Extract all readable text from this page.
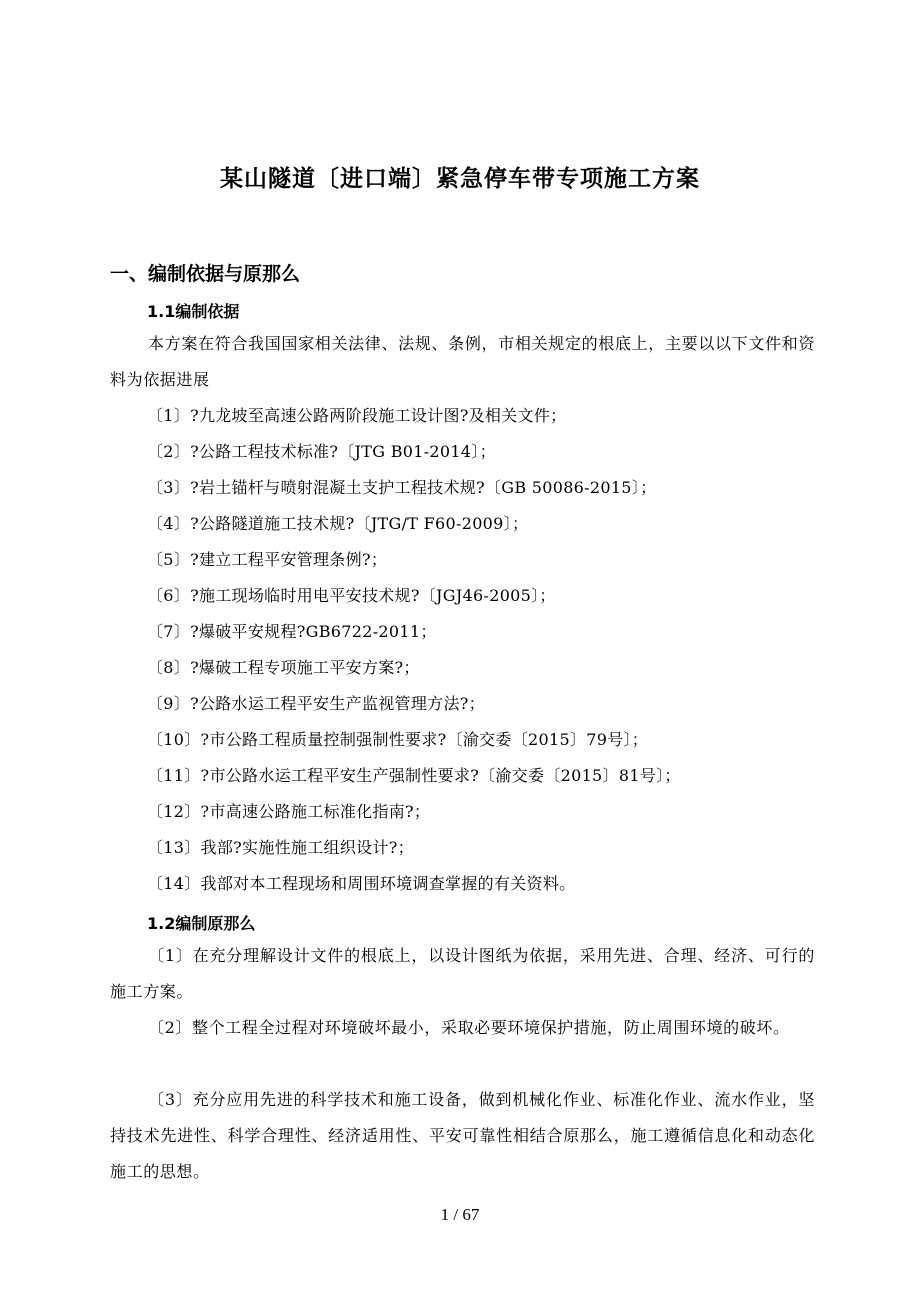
某山隧道〔进口端〕紧急停车带专项施工方案
一、编制依据与原那么
1.1编制依据
本方案在符合我国国家相关法律、法规、条例，市相关规定的根底上，主要以以下文件和资料为依据进展
〔1〕?九龙坡至高速公路两阶段施工设计图?及相关文件；
〔2〕?公路工程技术标准?〔JTG B01-2014〕；
〔3〕?岩土锚杆与喷射混凝土支护工程技术规?〔GB 50086-2015〕；
〔4〕?公路隧道施工技术规?〔JTG/T F60-2009〕；
〔5〕?建立工程平安管理条例?；
〔6〕?施工现场临时用电平安技术规?〔JGJ46-2005〕；
〔7〕?爆破平安规程?GB6722-2011；
〔8〕?爆破工程专项施工平安方案?；
〔9〕?公路水运工程平安生产监视管理方法?；
〔10〕?市公路工程质量控制强制性要求?〔渝交委〔2015〕79号〕；
〔11〕?市公路水运工程平安生产强制性要求?〔渝交委〔2015〕81号〕；
〔12〕?市高速公路施工标准化指南?；
〔13〕我部?实施性施工组织设计?；
〔14〕我部对本工程现场和周围环境调查掌握的有关资料。
1.2编制原那么
〔1〕在充分理解设计文件的根底上，以设计图纸为依据，采用先进、合理、经济、可行的施工方案。
〔2〕整个工程全过程对环境破坏最小，采取必要环境保护措施，防止周围环境的破坏。
〔3〕充分应用先进的科学技术和施工设备，做到机械化作业、标准化作业、流水作业，坚持技术先进性、科学合理性、经济适用性、平安可靠性相结合原那么，施工遵循信息化和动态化施工的思想。
1 / 67
